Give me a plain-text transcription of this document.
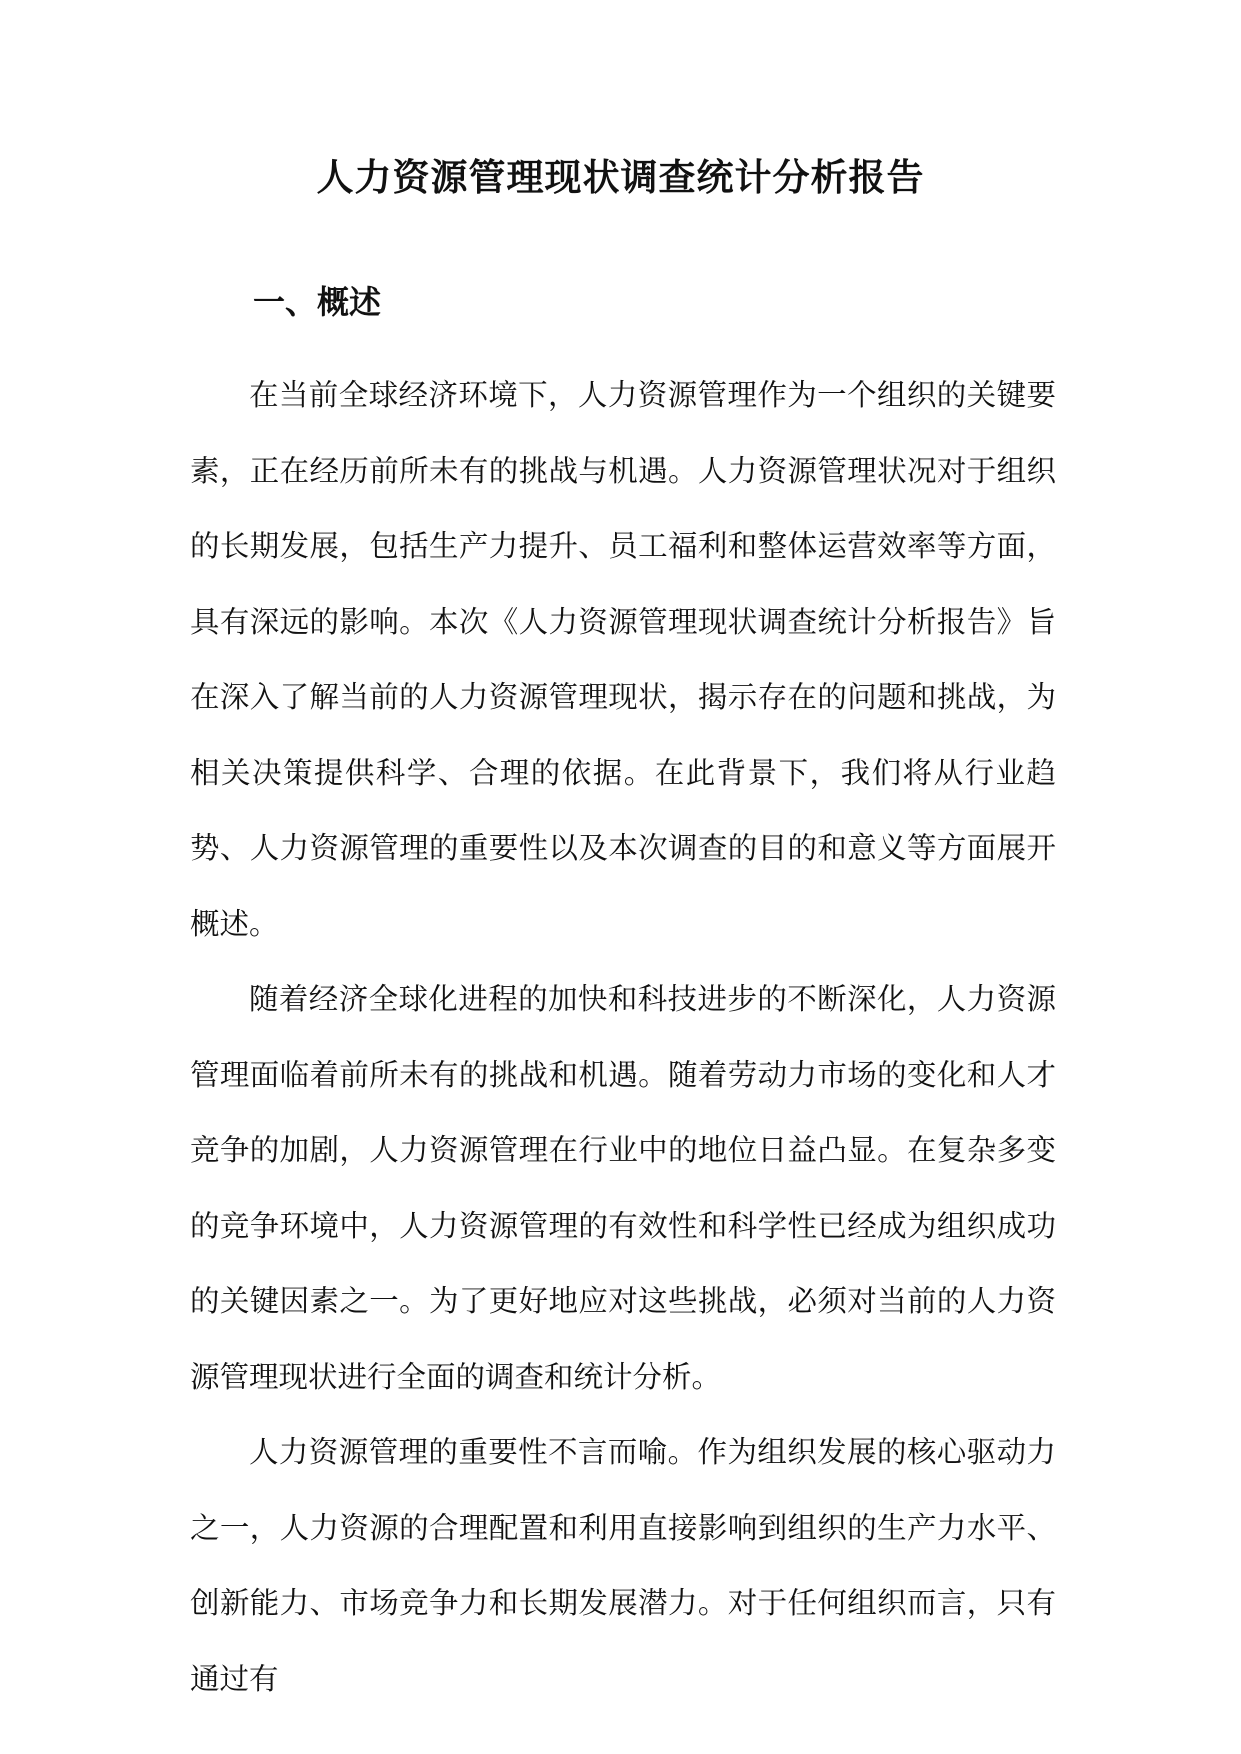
人力资源管理现状调查统计分析报告
一、概述

在当前全球经济环境下，人力资源管理作为一个组织的关键要素，正在经历前所未有的挑战与机遇。人力资源管理状况对于组织的长期发展，包括生产力提升、员工福利和整体运营效率等方面，具有深远的影响。本次《人力资源管理现状调查统计分析报告》旨在深入了解当前的人力资源管理现状，揭示存在的问题和挑战，为相关决策提供科学、合理的依据。在此背景下，我们将从行业趋势、人力资源管理的重要性以及本次调查的目的和意义等方面展开概述。

随着经济全球化进程的加快和科技进步的不断深化，人力资源管理面临着前所未有的挑战和机遇。随着劳动力市场的变化和人才竞争的加剧，人力资源管理在行业中的地位日益凸显。在复杂多变的竞争环境中，人力资源管理的有效性和科学性已经成为组织成功的关键因素之一。为了更好地应对这些挑战，必须对当前的人力资源管理现状进行全面的调查和统计分析。

人力资源管理的重要性不言而喻。作为组织发展的核心驱动力之一，人力资源的合理配置和利用直接影响到组织的生产力水平、创新能力、市场竞争力和长期发展潜力。对于任何组织而言，只有通过有
